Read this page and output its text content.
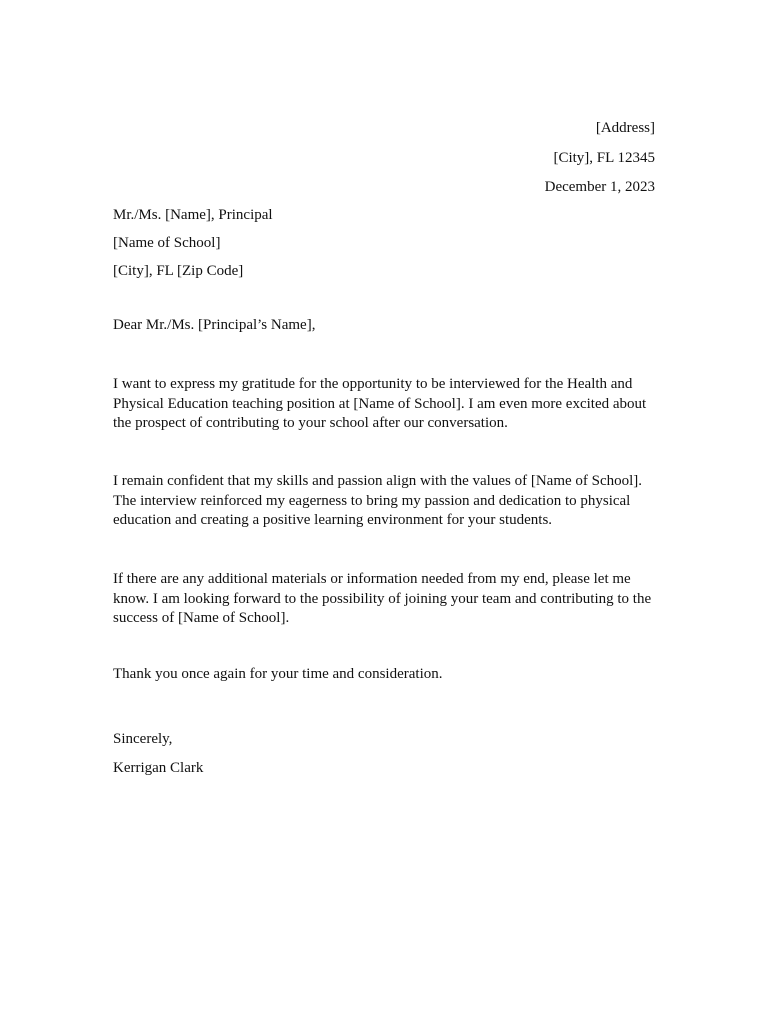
[Address]
[City], FL 12345
December 1, 2023
Mr./Ms. [Name], Principal
[Name of School]
[City], FL [Zip Code]
Dear Mr./Ms. [Principal’s Name],
I want to express my gratitude for the opportunity to be interviewed for the Health and
Physical Education teaching position at [Name of School]. I am even more excited about
the prospect of contributing to your school after our conversation.
I remain confident that my skills and passion align with the values of [Name of School].
The interview reinforced my eagerness to bring my passion and dedication to physical
education and creating a positive learning environment for your students.
If there are any additional materials or information needed from my end, please let me
know. I am looking forward to the possibility of joining your team and contributing to the
success of [Name of School].
Thank you once again for your time and consideration.
Sincerely,
Kerrigan Clark
